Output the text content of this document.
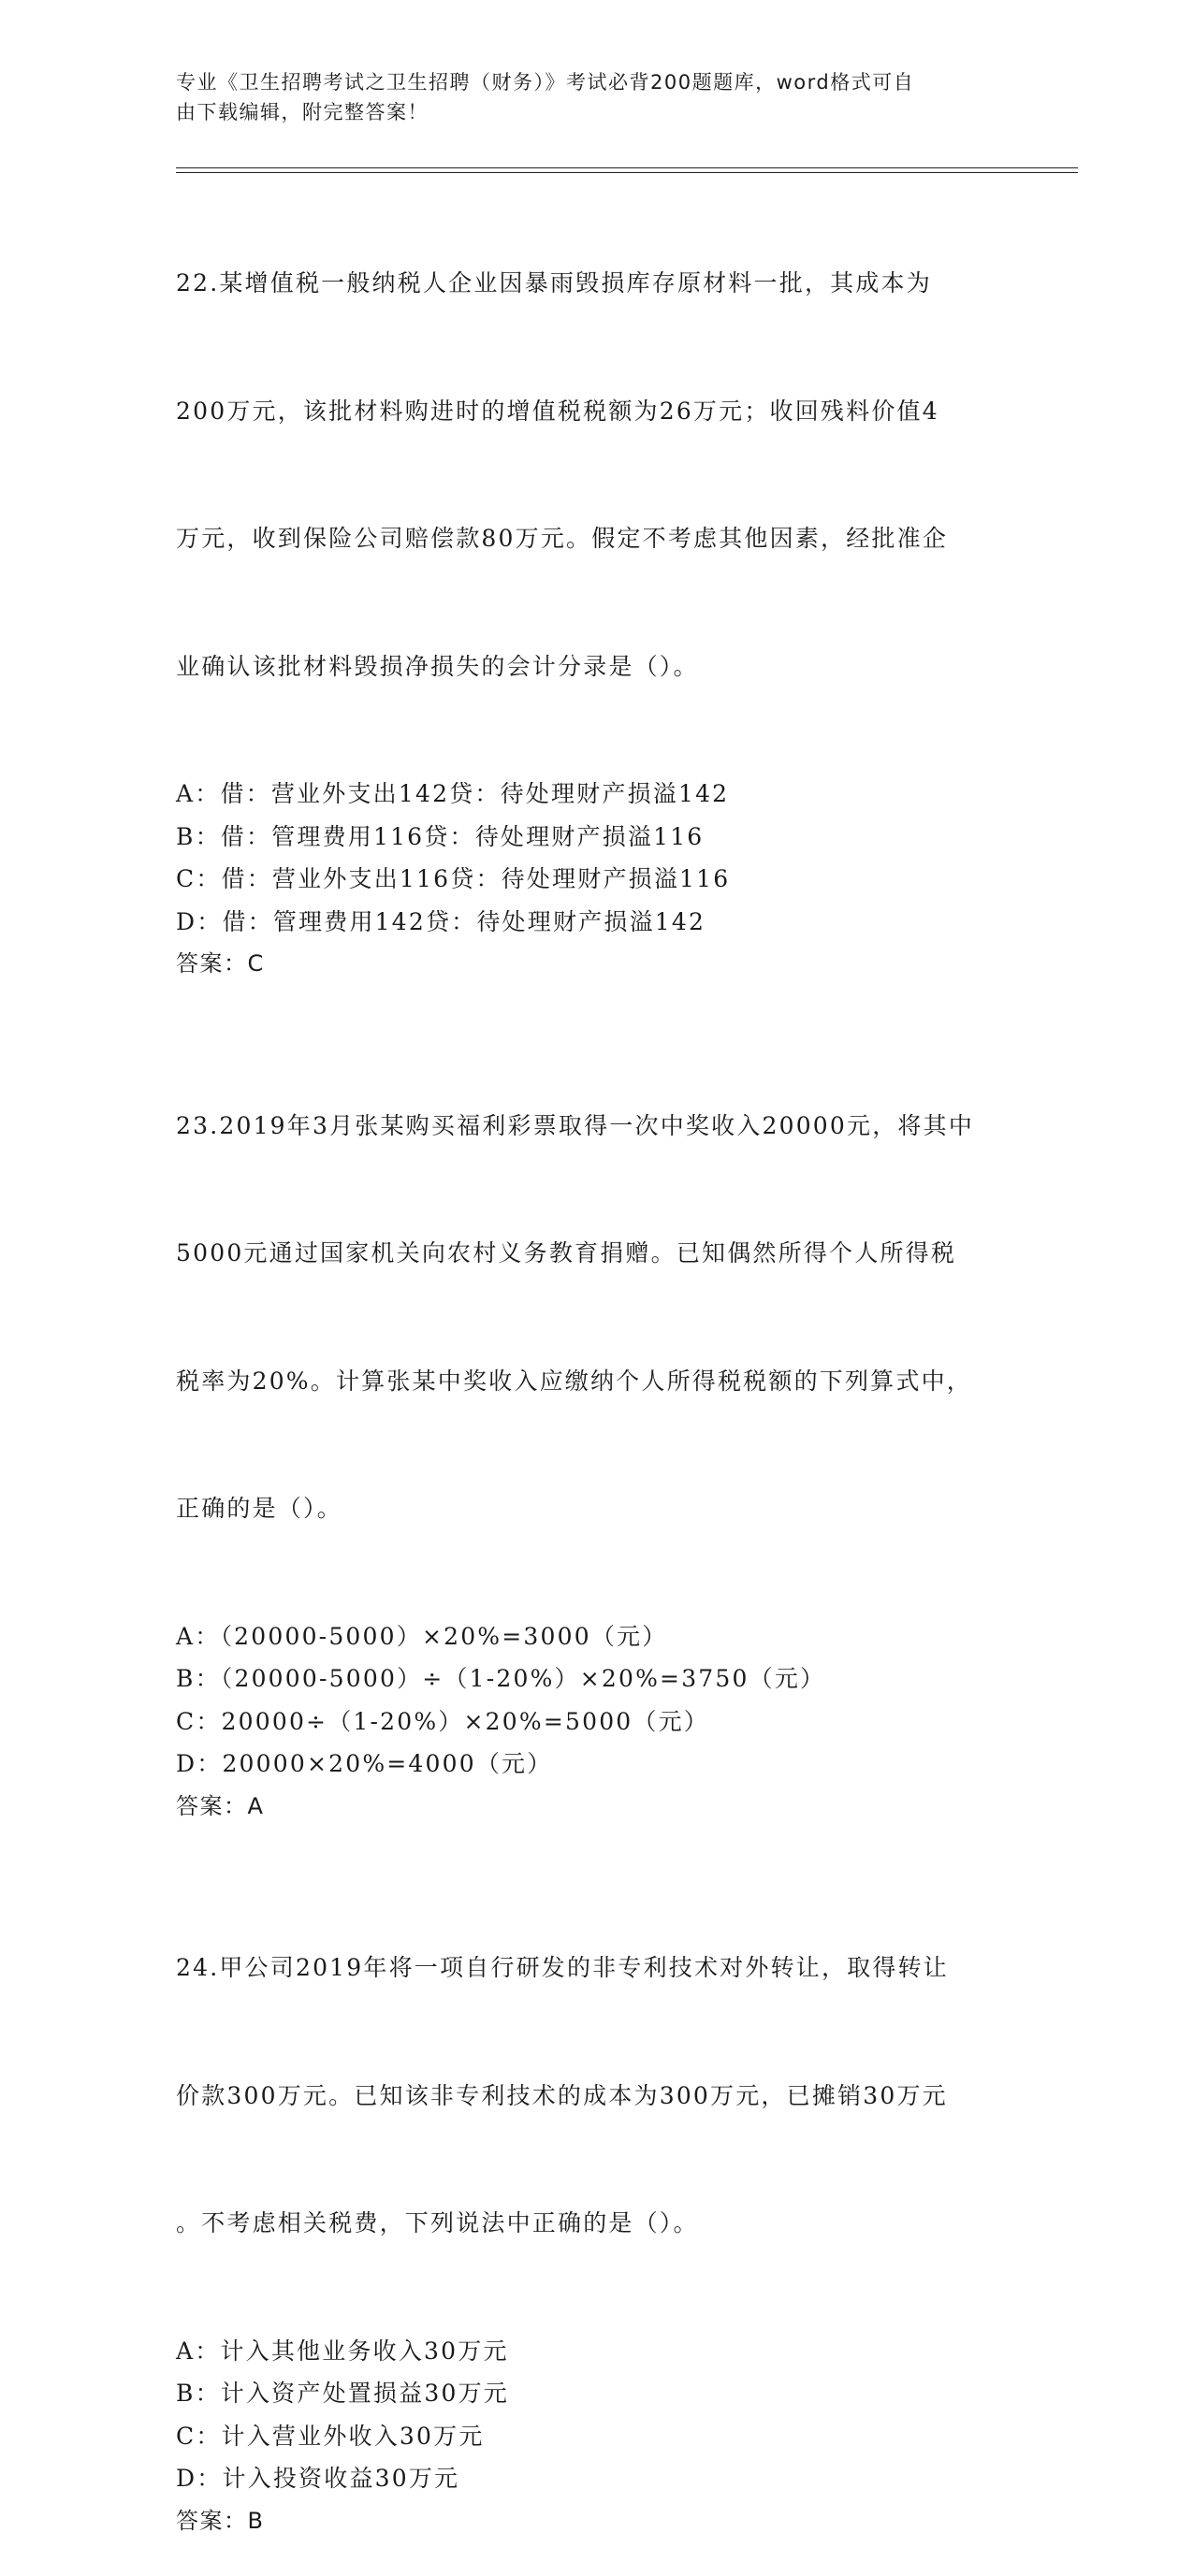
专业《卫生招聘考试之卫生招聘（财务）》考试必背200题题库，word格式可自
由下载编辑，附完整答案！

22.某增值税一般纳税人企业因暴雨毁损库存原材料一批，其成本为

200万元，该批材料购进时的增值税税额为26万元；收回残料价值4

万元，收到保险公司赔偿款80万元。假定不考虑其他因素，经批准企

业确认该批材料毁损净损失的会计分录是（）。

A：借：营业外支出142贷：待处理财产损溢142
B：借：管理费用116贷：待处理财产损溢116
C：借：营业外支出116贷：待处理财产损溢116
D：借：管理费用142贷：待处理财产损溢142
答案：C

23.2019年3月张某购买福利彩票取得一次中奖收入20000元，将其中

5000元通过国家机关向农村义务教育捐赠。已知偶然所得个人所得税

税率为20%。计算张某中奖收入应缴纳个人所得税税额的下列算式中，

正确的是（）。

A：（20000-5000）×20%=3000（元）
B：（20000-5000）÷（1-20%）×20%=3750（元）
C：20000÷（1-20%）×20%=5000（元）
D：20000×20%=4000（元）
答案：A

24.甲公司2019年将一项自行研发的非专利技术对外转让，取得转让

价款300万元。已知该非专利技术的成本为300万元，已摊销30万元

。不考虑相关税费，下列说法中正确的是（）。

A：计入其他业务收入30万元
B：计入资产处置损益30万元
C：计入营业外收入30万元
D：计入投资收益30万元
答案：B
